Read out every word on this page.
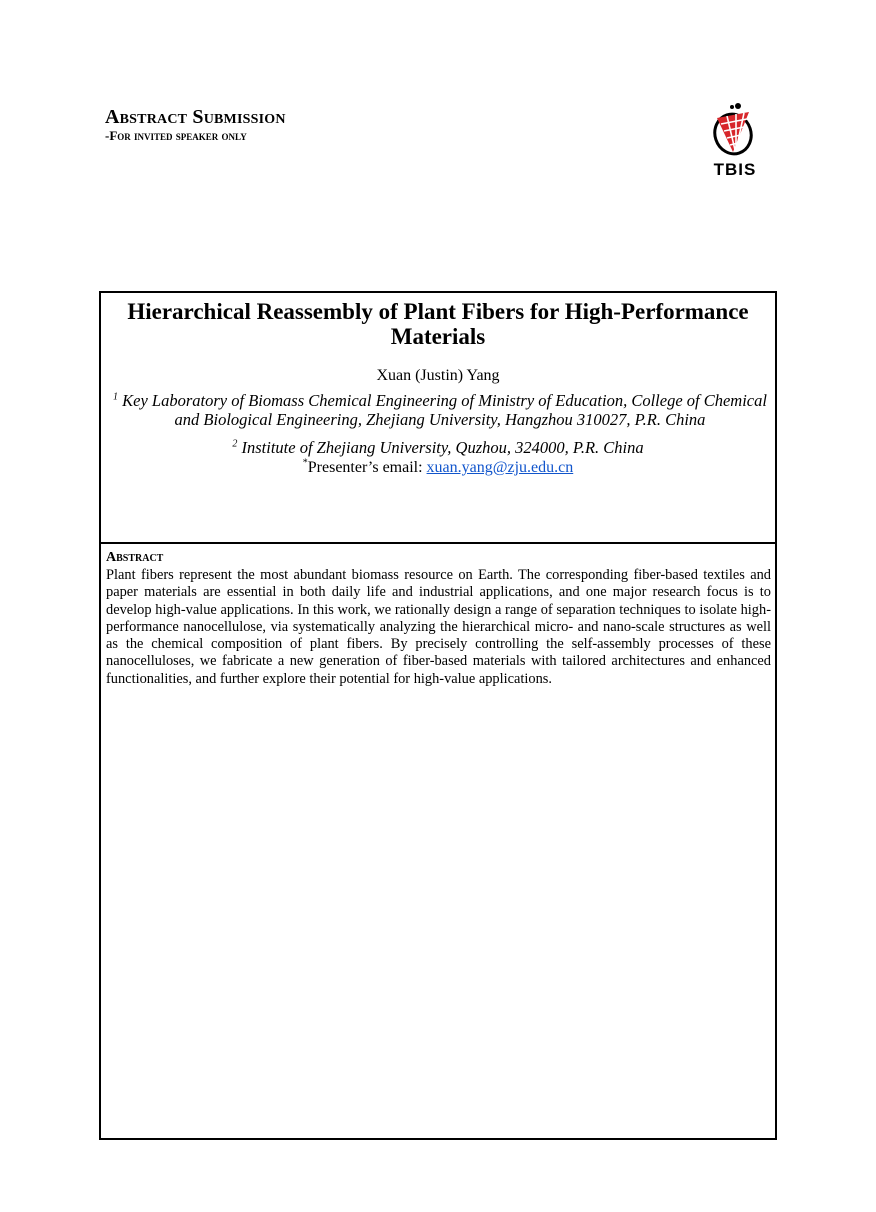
Abstract Submission
-For invited speaker only
TBIS
Hierarchical Reassembly of Plant Fibers for High-Performance Materials
Xuan (Justin) Yang
$^1$ Key Laboratory of Biomass Chemical Engineering of Ministry of Education, College of Chemical and Biological Engineering, Zhejiang University, Hangzhou 310027, P.R. China
$^2$ Institute of Zhejiang University, Quzhou, 324000, P.R. China
*Presenter’s email: xuan.yang@zju.edu.cn
Abstract
Plant fibers represent the most abundant biomass resource on Earth. The corresponding fiber-based textiles and paper materials are essential in both daily life and industrial applications, and one major research focus is to develop high-value applications. In this work, we rationally design a range of separation techniques to isolate high-performance nanocellulose, via systematically analyzing the hierarchical micro- and nano-scale structures as well as the chemical composition of plant fibers. By precisely controlling the self-assembly processes of these nanocelluloses, we fabricate a new generation of fiber-based materials with tailored architectures and enhanced functionalities, and further explore their potential for high-value applications.
